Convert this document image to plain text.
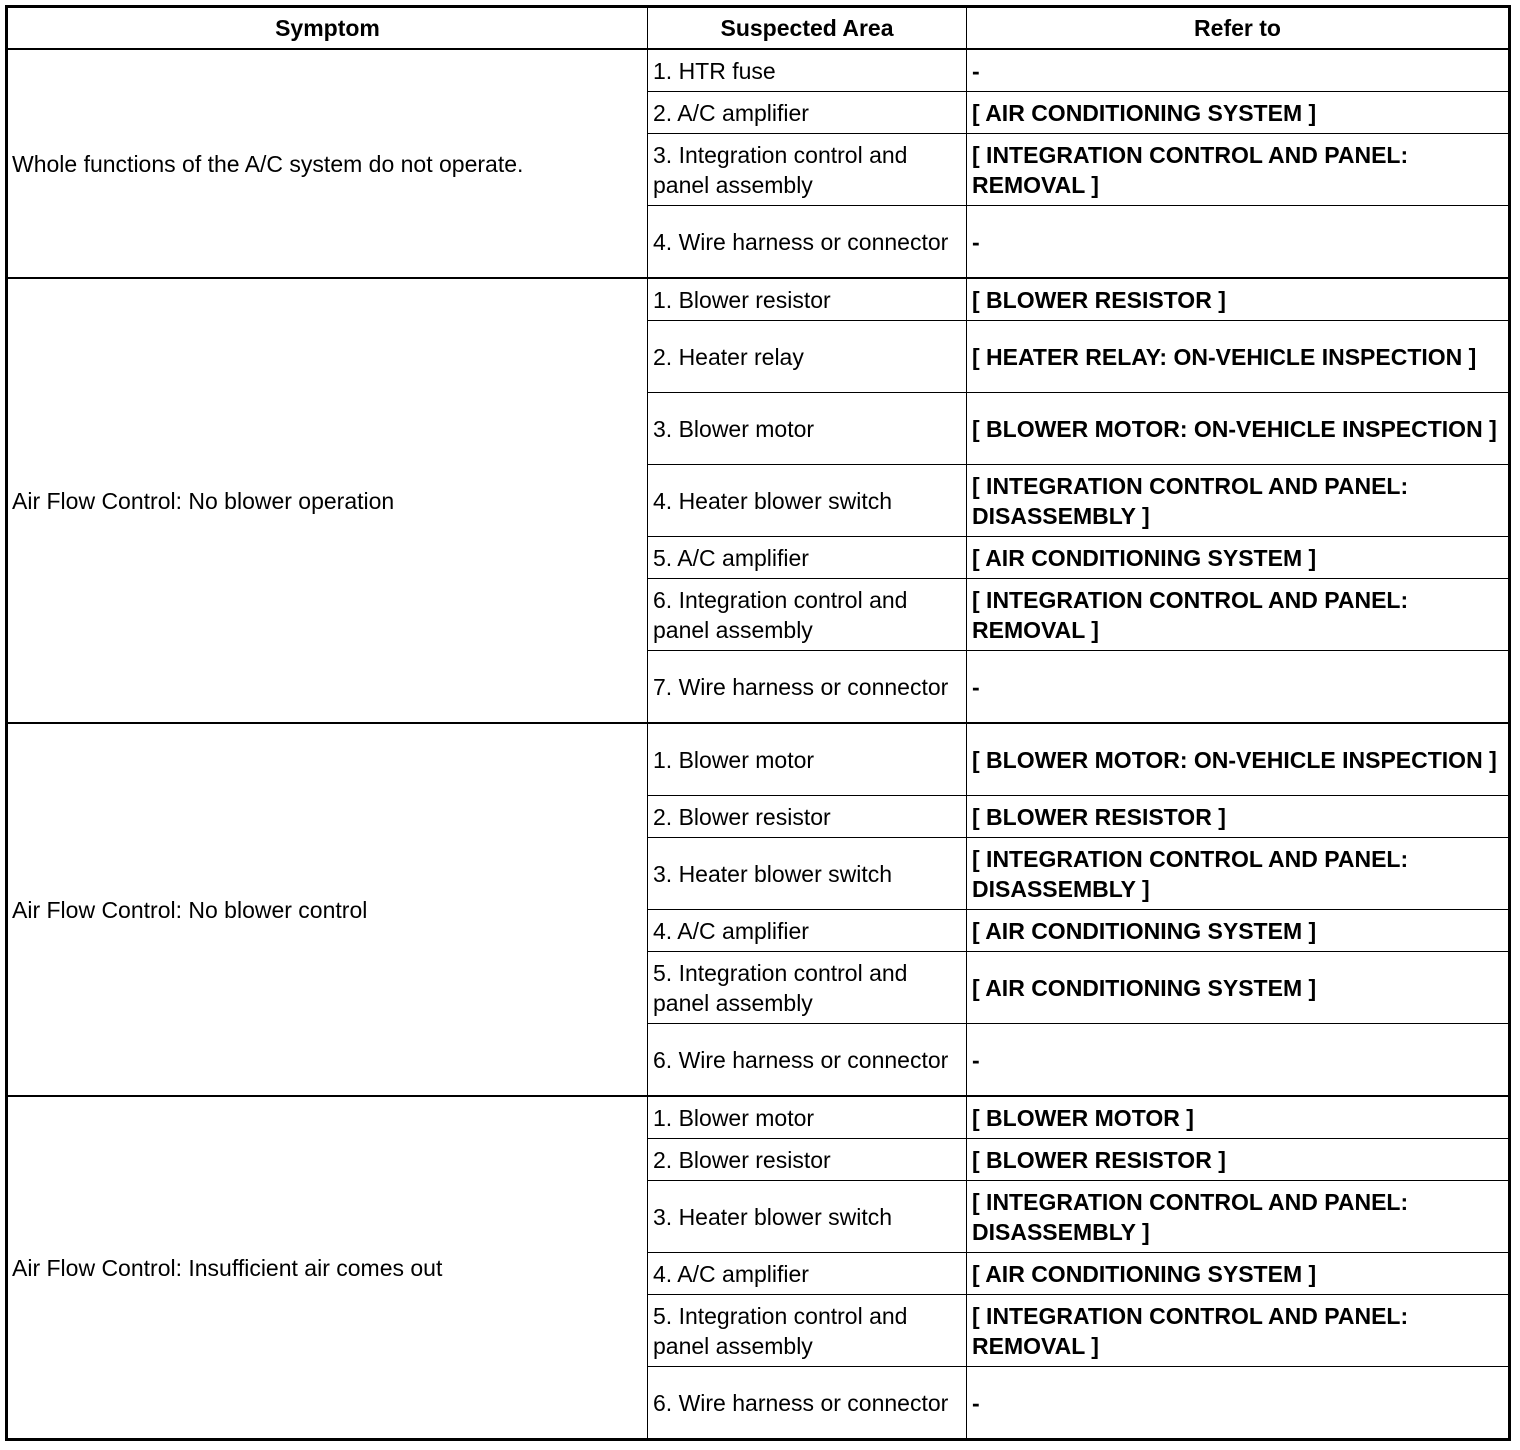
Symptom	Suspected Area	Refer to
Whole functions of the A/C system do not operate.	1. HTR fuse	-
	2. A/C amplifier	[ AIR CONDITIONING SYSTEM ]
	3. Integration control and panel assembly	[ INTEGRATION CONTROL AND PANEL: REMOVAL ]
	4. Wire harness or connector	-
Air Flow Control: No blower operation	1. Blower resistor	[ BLOWER RESISTOR ]
	2. Heater relay	[ HEATER RELAY: ON-VEHICLE INSPECTION ]
	3. Blower motor	[ BLOWER MOTOR: ON-VEHICLE INSPECTION ]
	4. Heater blower switch	[ INTEGRATION CONTROL AND PANEL: DISASSEMBLY ]
	5. A/C amplifier	[ AIR CONDITIONING SYSTEM ]
	6. Integration control and panel assembly	[ INTEGRATION CONTROL AND PANEL: REMOVAL ]
	7. Wire harness or connector	-
Air Flow Control: No blower control	1. Blower motor	[ BLOWER MOTOR: ON-VEHICLE INSPECTION ]
	2. Blower resistor	[ BLOWER RESISTOR ]
	3. Heater blower switch	[ INTEGRATION CONTROL AND PANEL: DISASSEMBLY ]
	4. A/C amplifier	[ AIR CONDITIONING SYSTEM ]
	5. Integration control and panel assembly	[ AIR CONDITIONING SYSTEM ]
	6. Wire harness or connector	-
Air Flow Control: Insufficient air comes out	1. Blower motor	[ BLOWER MOTOR ]
	2. Blower resistor	[ BLOWER RESISTOR ]
	3. Heater blower switch	[ INTEGRATION CONTROL AND PANEL: DISASSEMBLY ]
	4. A/C amplifier	[ AIR CONDITIONING SYSTEM ]
	5. Integration control and panel assembly	[ INTEGRATION CONTROL AND PANEL: REMOVAL ]
	6. Wire harness or connector	-
